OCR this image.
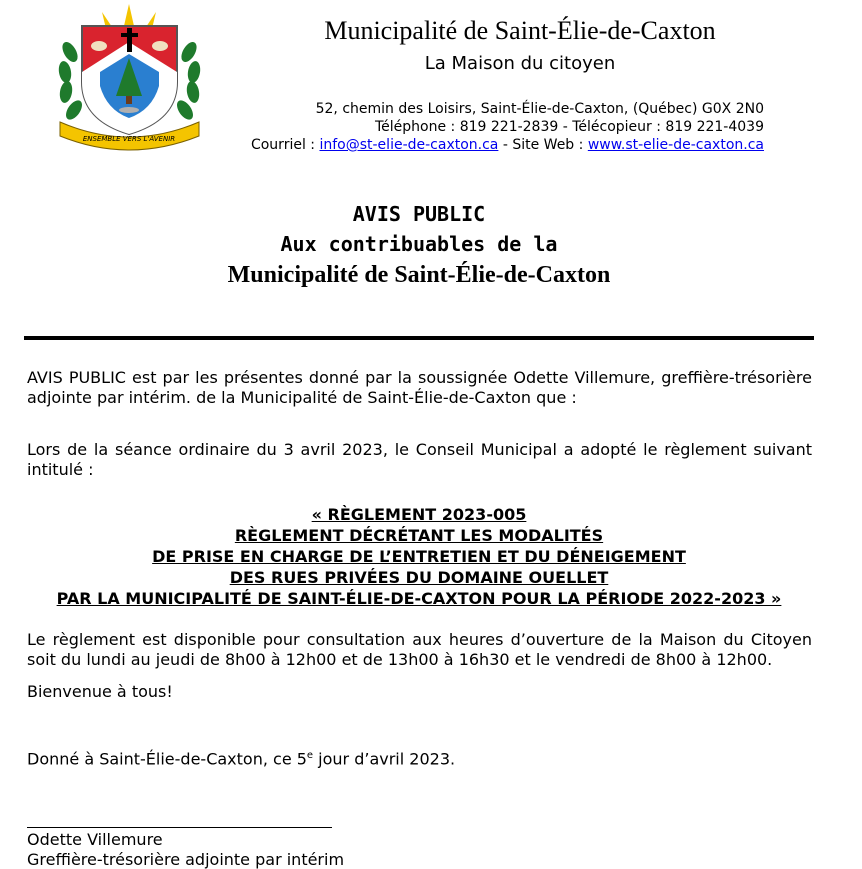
ENSEMBLE VERS L'AVENIR
Municipalité de Saint-Élie-de-Caxton
La Maison du citoyen
52, chemin des Loisirs, Saint-Élie-de-Caxton, (Québec) G0X 2N0
Téléphone : 819 221-2839 - Télécopieur : 819 221-4039
Courriel : info@st-elie-de-caxton.ca - Site Web : www.st-elie-de-caxton.ca
AVIS PUBLIC
Aux contribuables de la
Municipalité de Saint-Élie-de-Caxton
AVIS PUBLIC est par les présentes donné par la soussignée Odette Villemure, greffière-trésorière adjointe par intérim. de la Municipalité de Saint-Élie-de-Caxton que :
Lors de la séance ordinaire du 3 avril 2023, le Conseil Municipal a adopté le règlement suivant intitulé :
« RÈGLEMENT 2023-005
RÈGLEMENT DÉCRÉTANT LES MODALITÉS
DE PRISE EN CHARGE DE L’ENTRETIEN ET DU DÉNEIGEMENT
DES RUES PRIVÉES DU DOMAINE OUELLET
PAR LA MUNICIPALITÉ DE SAINT-ÉLIE-DE-CAXTON POUR LA PÉRIODE 2022-2023 »
Le règlement est disponible pour consultation aux heures d’ouverture de la Maison du Citoyen soit du lundi au jeudi de 8h00 à 12h00 et de 13h00 à 16h30 et le vendredi de 8h00 à 12h00.
Bienvenue à tous!
Donné à Saint-Élie-de-Caxton, ce 5e jour d’avril 2023.
Odette Villemure
Greffière-trésorière adjointe par intérim
